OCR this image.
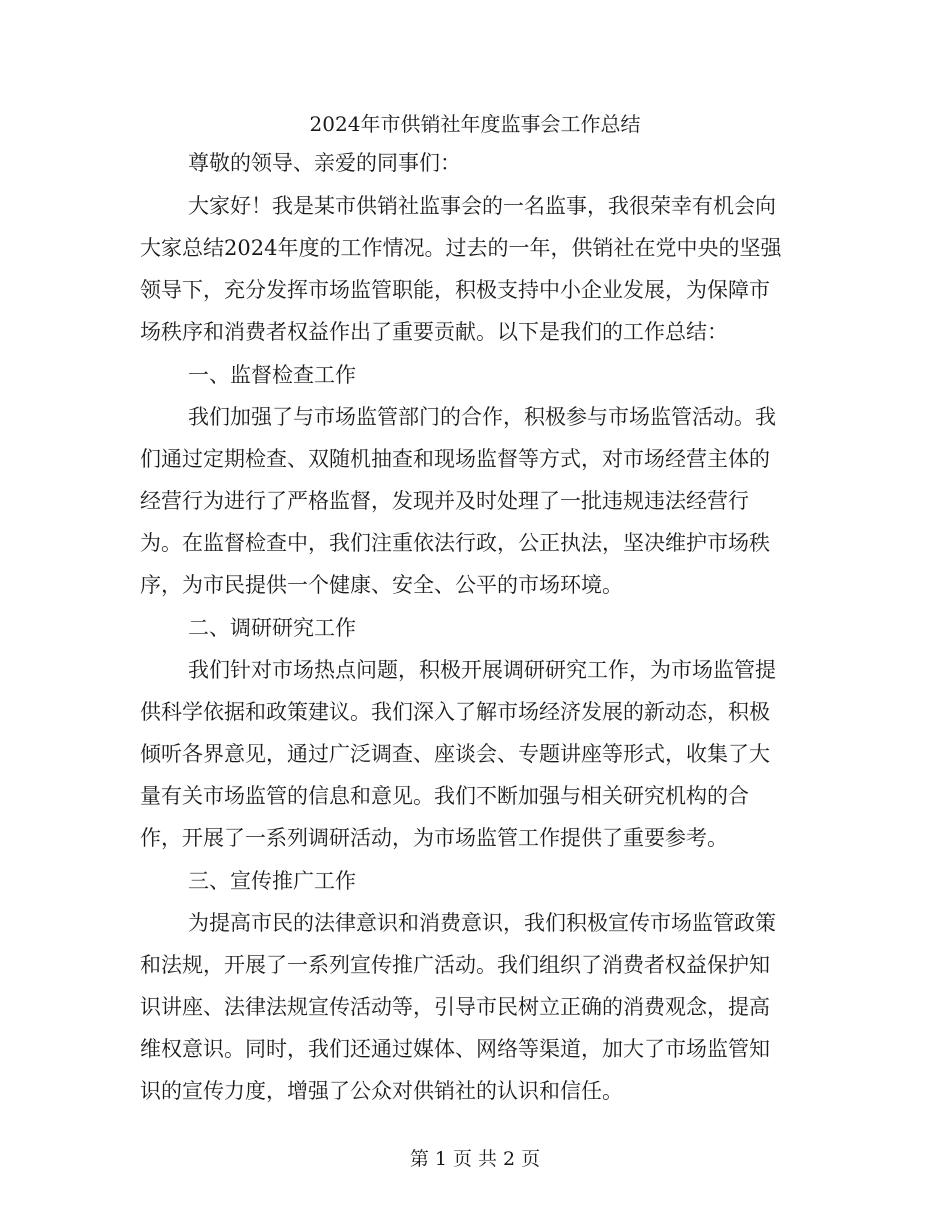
2024年市供销社年度监事会工作总结
尊敬的领导、亲爱的同事们：
大家好！我是某市供销社监事会的一名监事，我很荣幸有机会向
大家总结2024年度的工作情况。过去的一年，供销社在党中央的坚强
领导下，充分发挥市场监管职能，积极支持中小企业发展，为保障市
场秩序和消费者权益作出了重要贡献。以下是我们的工作总结：
一、监督检查工作
我们加强了与市场监管部门的合作，积极参与市场监管活动。我
们通过定期检查、双随机抽查和现场监督等方式，对市场经营主体的
经营行为进行了严格监督，发现并及时处理了一批违规违法经营行
为。在监督检查中，我们注重依法行政，公正执法，坚决维护市场秩
序，为市民提供一个健康、安全、公平的市场环境。
二、调研研究工作
我们针对市场热点问题，积极开展调研研究工作，为市场监管提
供科学依据和政策建议。我们深入了解市场经济发展的新动态，积极
倾听各界意见，通过广泛调查、座谈会、专题讲座等形式，收集了大
量有关市场监管的信息和意见。我们不断加强与相关研究机构的合
作，开展了一系列调研活动，为市场监管工作提供了重要参考。
三、宣传推广工作
为提高市民的法律意识和消费意识，我们积极宣传市场监管政策
和法规，开展了一系列宣传推广活动。我们组织了消费者权益保护知
识讲座、法律法规宣传活动等，引导市民树立正确的消费观念，提高
维权意识。同时，我们还通过媒体、网络等渠道，加大了市场监管知
识的宣传力度，增强了公众对供销社的认识和信任。
第 1 页 共 2 页
